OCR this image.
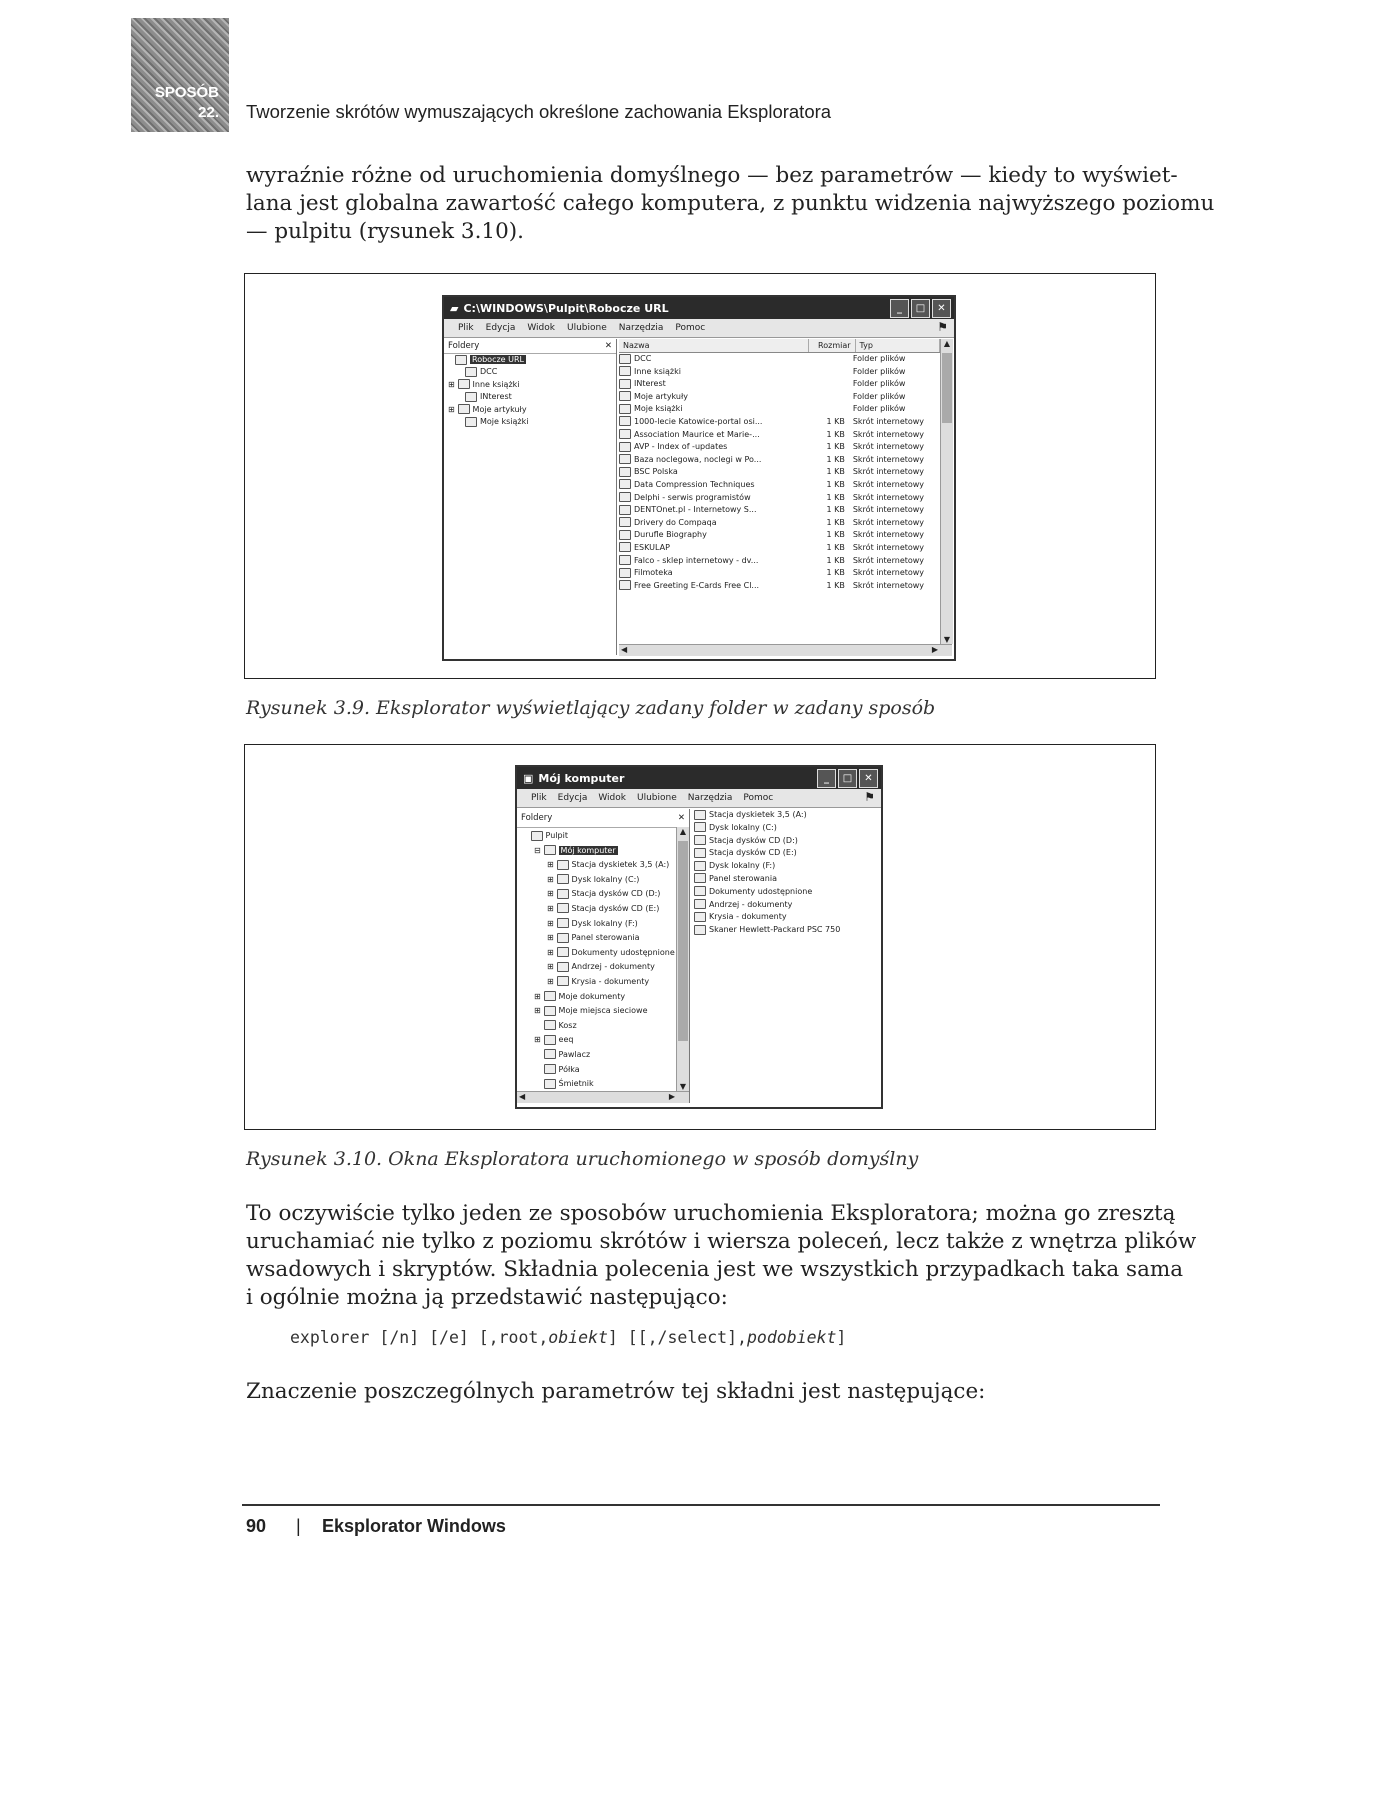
SPOSÓB
22. Tworzenie skrótów wymuszających określone zachowania Eksploratora
wyraźnie różne od uruchomienia domyślnego — bez parametrów — kiedy to wyświet-
lana jest globalna zawartość całego komputera, z punktu widzenia najwyższego poziomu
— pulpitu (rysunek 3.10).
▰ C:\WINDOWS\Pulpit\Robocze URL	_	□	✕
Plik Edycja Widok Ulubione Narzędzia Pomoc	⚑
Foldery	✕
Robocze URL
DCC
⊞ Inne książki
INterest
⊞ Moje artykuły
Moje książki
Nazwa	Rozmiar	Typ
DCC	Folder plików
Inne książki	Folder plików
INterest	Folder plików
Moje artykuły	Folder plików
Moje książki	Folder plików
1000-lecie Katowice-portal osi...	1 KB	Skrót internetowy
Association Maurice et Marie-...	1 KB	Skrót internetowy
AVP - Index of -updates	1 KB	Skrót internetowy
Baza noclegowa, noclegi w Po...	1 KB	Skrót internetowy
BSC Polska	1 KB	Skrót internetowy
Data Compression Techniques	1 KB	Skrót internetowy
Delphi - serwis programistów	1 KB	Skrót internetowy
DENTOnet.pl - Internetowy S...	1 KB	Skrót internetowy
Drivery do Compaqa	1 KB	Skrót internetowy
Durufle Biography	1 KB	Skrót internetowy
ESKULAP	1 KB	Skrót internetowy
Falco - sklep internetowy - dv...	1 KB	Skrót internetowy
Filmoteka	1 KB	Skrót internetowy
Free Greeting E-Cards Free Cl...	1 KB	Skrót internetowy
▲
▼
◀	▶
Rysunek 3.9. Eksplorator wyświetlający zadany folder w zadany sposób
▣ Mój komputer	_	□	✕
Plik Edycja Widok Ulubione Narzędzia Pomoc	⚑
Foldery	✕
Pulpit
⊟ Mój komputer
⊞ Stacja dyskietek 3,5 (A:)
⊞ Dysk lokalny (C:)
⊞ Stacja dysków CD (D:)
⊞ Stacja dysków CD (E:)
⊞ Dysk lokalny (F:)
⊞ Panel sterowania
⊞ Dokumenty udostępnione
⊞ Andrzej - dokumenty
⊞ Krysia - dokumenty
⊞ Moje dokumenty
⊞ Moje miejsca sieciowe
Kosz
⊞ eeq
Pawlacz
Półka
Śmietnik
▲
▼
◀	▶
Stacja dyskietek 3,5 (A:)
Dysk lokalny (C:)
Stacja dysków CD (D:)
Stacja dysków CD (E:)
Dysk lokalny (F:)
Panel sterowania
Dokumenty udostępnione
Andrzej - dokumenty
Krysia - dokumenty
Skaner Hewlett-Packard PSC 750
Rysunek 3.10. Okna Eksploratora uruchomionego w sposób domyślny
To oczywiście tylko jeden ze sposobów uruchomienia Eksploratora; można go zresztą
uruchamiać nie tylko z poziomu skrótów i wiersza poleceń, lecz także z wnętrza plików
wsadowych i skryptów. Składnia polecenia jest we wszystkich przypadkach taka sama
i ogólnie można ją przedstawić następująco:
explorer [/n] [/e] [,root,obiekt] [[,/select],podobiekt]
Znaczenie poszczególnych parametrów tej składni jest następujące:
90 | Eksplorator Windows
